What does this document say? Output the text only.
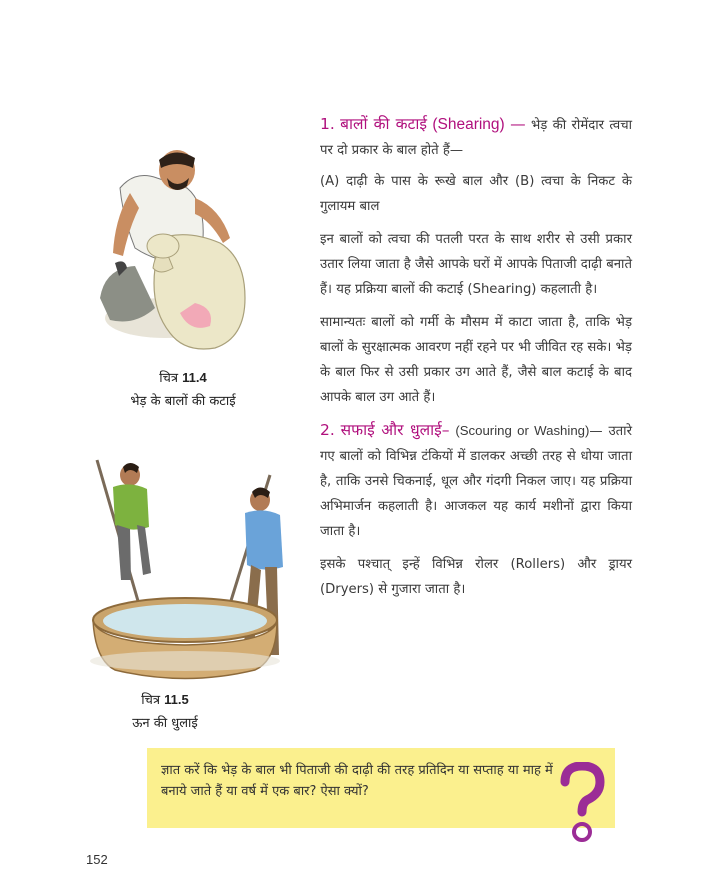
चित्र 11.4
भेड़ के बालों की कटाई
चित्र 11.5
ऊन की धुलाई

1. बालों की कटाई (Shearing) — भेड़ की रोमेंदार त्वचा पर दो प्रकार के बाल होते हैं—

(A) दाढ़ी के पास के रूखे बाल और (B) त्वचा के निकट के गुलायम बाल

इन बालों को त्वचा की पतली परत के साथ शरीर से उसी प्रकार उतार लिया जाता है जैसे आपके घरों में आपके पिताजी दाढ़ी बनाते हैं। यह प्रक्रिया बालों की कटाई (Shearing) कहलाती है।

सामान्यतः बालों को गर्मी के मौसम में काटा जाता है, ताकि भेड़ बालों के सुरक्षात्मक आवरण नहीं रहने पर भी जीवित रह सके। भेड़ के बाल फिर से उसी प्रकार उग आते हैं, जैसे बाल कटाई के बाद आपके बाल उग आते हैं।

2. सफाई और धुलाई– (Scouring or Washing)— उतारे गए बालों को विभिन्न टंकियों में डालकर अच्छी तरह से धोया जाता है, ताकि उनसे चिकनाई, धूल और गंदगी निकल जाए। यह प्रक्रिया अभिमार्जन कहलाती है। आजकल यह कार्य मशीनों द्वारा किया जाता है।

इसके पश्चात् इन्हें विभिन्न रोलर (Rollers) और ड्रायर (Dryers) से गुजारा जाता है।

ज्ञात करें कि भेड़ के बाल भी पिताजी की दाढ़ी की तरह प्रतिदिन या सप्ताह या माह में बनाये जाते हैं या वर्ष में एक बार? ऐसा क्यों?
152
